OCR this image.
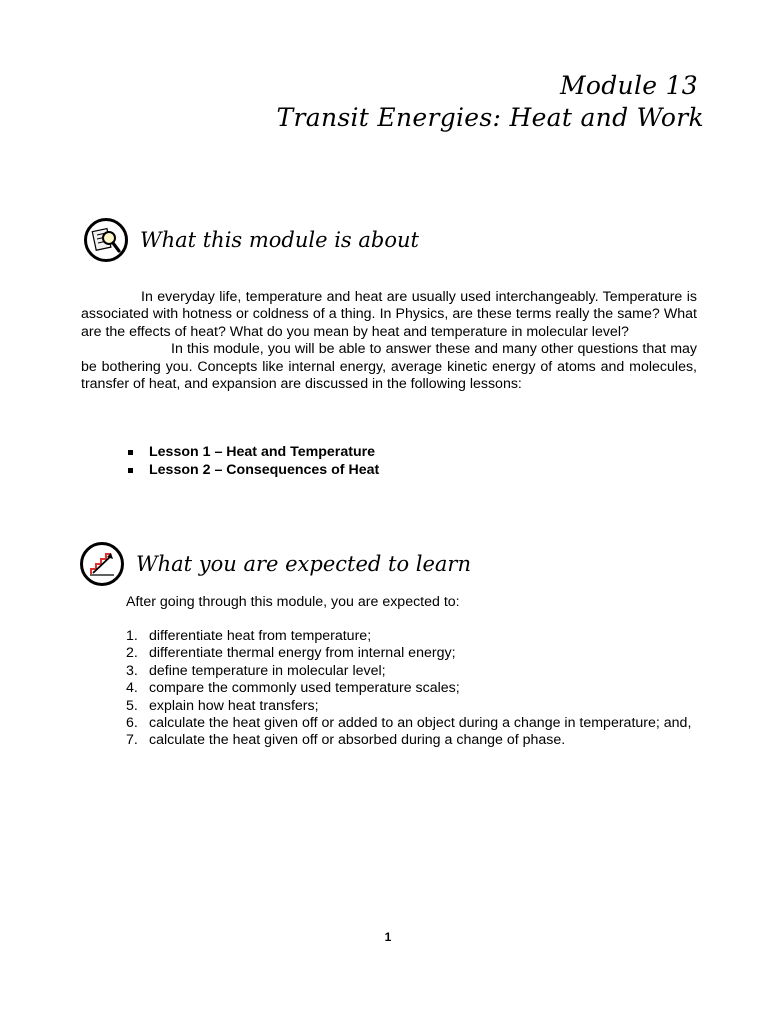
Module 13
Transit Energies: Heat and Work
What this module is about

In everyday life, temperature and heat are usually used interchangeably. Temperature is associated with hotness or coldness of a thing. In Physics, are these terms really the same? What are the effects of heat? What do you mean by heat and temperature in molecular level?

In this module, you will be able to answer these and many other questions that may be bothering you. Concepts like internal energy, average kinetic energy of atoms and molecules, transfer of heat, and expansion are discussed in the following lessons:

Lesson 1 – Heat and Temperature
Lesson 2 – Consequences of Heat
What you are expected to learn
After going through this module, you are expected to:
1. differentiate heat from temperature;
2. differentiate thermal energy from internal energy;
3. define temperature in molecular level;
4. compare the commonly used temperature scales;
5. explain how heat transfers;
6. calculate the heat given off or added to an object during a change in temperature; and,
7. calculate the heat given off or absorbed during a change of phase.
1
